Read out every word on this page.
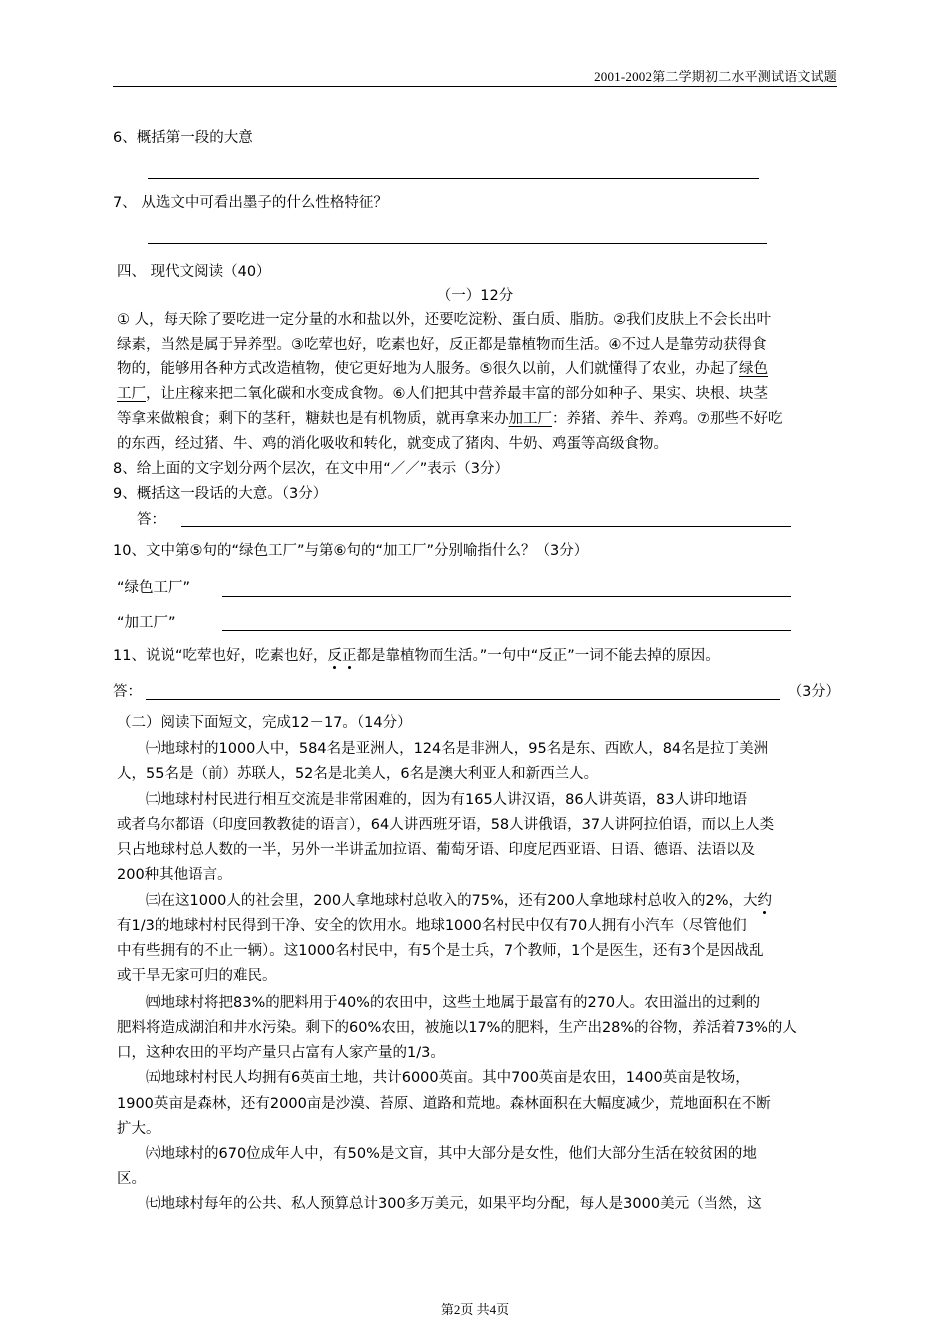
2001-2002第二学期初二水平测试语文试题
6、概括第一段的大意
7、 从选文中可看出墨子的什么性格特征？
四、 现代文阅读（40）
（一）12分
① 人，每天除了要吃进一定分量的水和盐以外，还要吃淀粉、蛋白质、脂肪。②我们皮肤上不会长出叶
绿素，当然是属于异养型。③吃荤也好，吃素也好，反正都是靠植物而生活。④不过人是靠劳动获得食
物的，能够用各种方式改造植物，使它更好地为人服务。⑤很久以前，人们就懂得了农业，办起了绿色
工厂，让庄稼来把二氧化碳和水变成食物。⑥人们把其中营养最丰富的部分如种子、果实、块根、块茎
等拿来做粮食；剩下的茎秆，糖麸也是有机物质，就再拿来办加工厂：养猪、养牛、养鸡。⑦那些不好吃
的东西，经过猪、牛、鸡的消化吸收和转化，就变成了猪肉、牛奶、鸡蛋等高级食物。
8、给上面的文字划分两个层次，在文中用“／／”表示（3分）
9、概括这一段话的大意。（3分）
答：
10、文中第⑤句的“绿色工厂”与第⑥句的“加工厂”分别喻指什么？（3分）
“绿色工厂”
“加工厂”
11、说说“吃荤也好，吃素也好，反正都是靠植物而生活。”一句中“反正”一词不能去掉的原因。
答：	（3分）
（二）阅读下面短文，完成12－17。（14分）
㈠地球村的1000人中，584名是亚洲人，124名是非洲人，95名是东、西欧人，84名是拉丁美洲
人，55名是（前）苏联人，52名是北美人，6名是澳大利亚人和新西兰人。
㈡地球村村民进行相互交流是非常困难的，因为有165人讲汉语，86人讲英语，83人讲印地语
或者乌尔都语（印度回教教徒的语言），64人讲西班牙语，58人讲俄语，37人讲阿拉伯语，而以上人类
只占地球村总人数的一半，另外一半讲孟加拉语、葡萄牙语、印度尼西亚语、日语、德语、法语以及
200种其他语言。
㈢在这1000人的社会里，200人拿地球村总收入的75%，还有200人拿地球村总收入的2%，大约
有1/3的地球村村民得到干净、安全的饮用水。地球1000名村民中仅有70人拥有小汽车（尽管他们
中有些拥有的不止一辆）。这1000名村民中，有5个是士兵，7个教师，1个是医生，还有3个是因战乱
或干旱无家可归的难民。
㈣地球村将把83%的肥料用于40%的农田中，这些土地属于最富有的270人。农田溢出的过剩的
肥料将造成湖泊和井水污染。剩下的60%农田，被施以17%的肥料，生产出28%的谷物，养活着73%的人
口，这种农田的平均产量只占富有人家产量的1/3。
㈤地球村村民人均拥有6英亩土地，共计6000英亩。其中700英亩是农田，1400英亩是牧场，
1900英亩是森林，还有2000亩是沙漠、苔原、道路和荒地。森林面积在大幅度减少，荒地面积在不断
扩大。
㈥地球村的670位成年人中，有50%是文盲，其中大部分是女性，他们大部分生活在较贫困的地
区。
㈦地球村每年的公共、私人预算总计300多万美元，如果平均分配，每人是3000美元（当然，这
第2页 共4页
